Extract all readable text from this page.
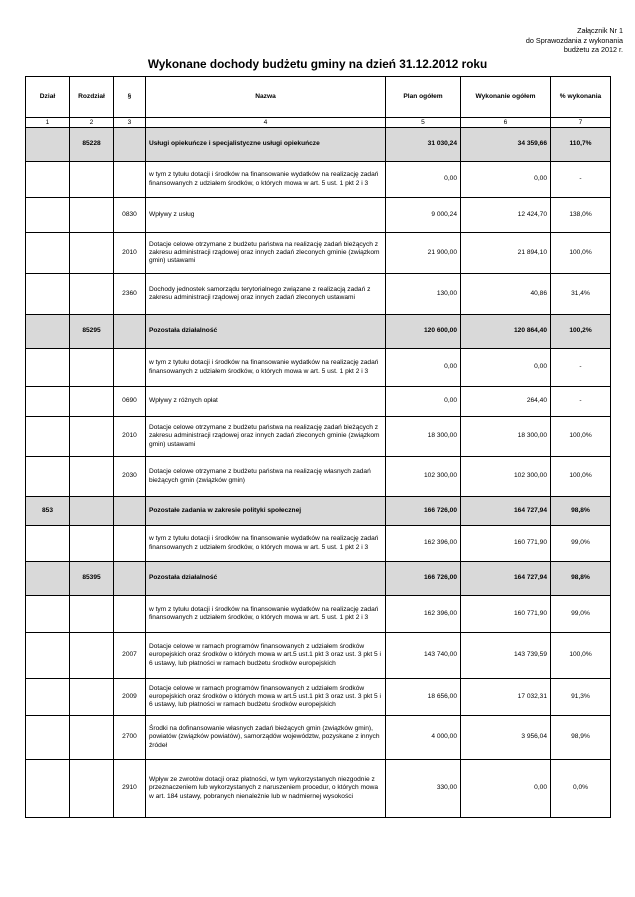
Załącznik Nr 1
do Sprawozdania z wykonania
budżetu za 2012 r.
Wykonane dochody budżetu gminy na dzień 31.12.2012 roku
Dział	Rozdział	§	Nazwa	Plan ogółem	Wykonanie ogółem	% wykonania
1	2	3	4	5	6	7
	85228		Usługi opiekuńcze i specjalistyczne usługi opiekuńcze	31 030,24	34 359,66	110,7%
			w tym z tytułu dotacji i środków na finansowanie wydatków na realizację zadań finansowanych z udziałem środków, o których mowa w art. 5 ust. 1 pkt 2 i 3	0,00	0,00	-
		0830	Wpływy z usług	9 000,24	12 424,70	138,0%
		2010	Dotacje celowe otrzymane z budżetu państwa na realizację zadań bieżących z zakresu administracji rządowej oraz innych zadań zleconych gminie (związkom gmin) ustawami	21 900,00	21 894,10	100,0%
		2360	Dochody jednostek samorządu terytorialnego związane z realizacją zadań z zakresu administracji rządowej oraz innych zadań zleconych ustawami	130,00	40,86	31,4%
	85295		Pozostała działalność	120 600,00	120 864,40	100,2%
			w tym z tytułu dotacji i środków na finansowanie wydatków na realizację zadań finansowanych z udziałem środków, o których mowa w art. 5 ust. 1 pkt 2 i 3	0,00	0,00	-
		0690	Wpływy z różnych opłat	0,00	264,40	-
		2010	Dotacje celowe otrzymane z budżetu państwa na realizację zadań bieżących z zakresu administracji rządowej oraz innych zadań zleconych gminie (związkom gmin) ustawami	18 300,00	18 300,00	100,0%
		2030	Dotacje celowe otrzymane z budżetu państwa na realizację własnych zadań bieżących gmin (związków gmin)	102 300,00	102 300,00	100,0%
853			Pozostałe zadania w zakresie polityki społecznej	166 726,00	164 727,94	98,8%
			w tym z tytułu dotacji i środków na finansowanie wydatków na realizację zadań finansowanych z udziałem środków, o których mowa w art. 5 ust. 1 pkt 2 i 3	162 396,00	160 771,90	99,0%
	85395		Pozostała działalność	166 726,00	164 727,94	98,8%
			w tym z tytułu dotacji i środków na finansowanie wydatków na realizację zadań finansowanych z udziałem środków, o których mowa w art. 5 ust. 1 pkt 2 i 3	162 396,00	160 771,90	99,0%
		2007	Dotacje celowe w ramach programów finansowanych z udziałem środków europejskich oraz środków o których mowa w art.5 ust.1 pkt 3 oraz ust. 3 pkt 5 i 6 ustawy, lub płatności w ramach budżetu środków europejskich	143 740,00	143 739,59	100,0%
		2009	Dotacje celowe w ramach programów finansowanych z udziałem środków europejskich oraz środków o których mowa w art.5 ust.1 pkt 3 oraz ust. 3 pkt 5 i 6 ustawy, lub płatności w ramach budżetu środków europejskich	18 656,00	17 032,31	91,3%
		2700	Środki na dofinansowanie własnych zadań bieżących gmin (związków gmin), powiatów (związków powiatów), samorządów województw, pozyskane z innych źródeł	4 000,00	3 956,04	98,9%
		2910	Wpływ ze zwrotów dotacji oraz płatności, w tym wykorzystanych niezgodnie z przeznaczeniem lub wykorzystanych z naruszeniem procedur, o których mowa w art. 184 ustawy, pobranych nienależnie lub w nadmiernej wysokości	330,00	0,00	0,0%
